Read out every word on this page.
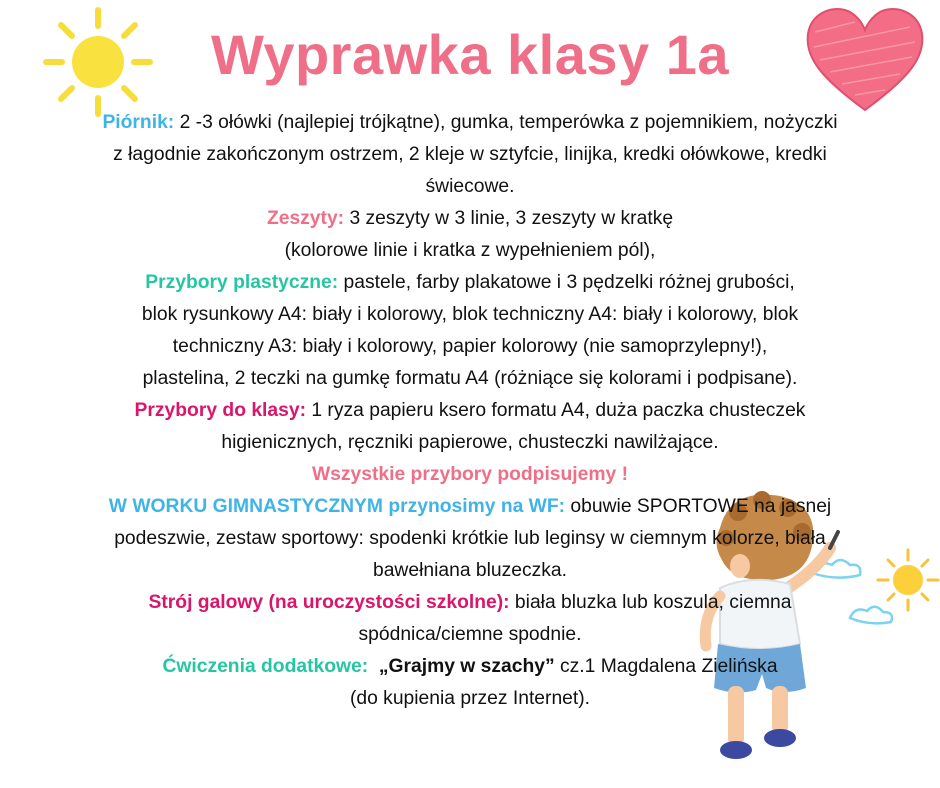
Wyprawka klasy 1a

Piórnik: 2 -3 ołówki (najlepiej trójkątne), gumka, temperówka z pojemnikiem, nożyczki

z łagodnie zakończonym ostrzem, 2 kleje w sztyfcie, linijka, kredki ołówkowe, kredki

świecowe.

Zeszyty: 3 zeszyty w 3 linie, 3 zeszyty w kratkę

(kolorowe linie i kratka z wypełnieniem pól),

Przybory plastyczne: pastele, farby plakatowe i 3 pędzelki różnej grubości,

blok rysunkowy A4: biały i kolorowy, blok techniczny A4: biały i kolorowy, blok

techniczny A3: biały i kolorowy, papier kolorowy (nie samoprzylepny!),

plastelina, 2 teczki na gumkę formatu A4 (różniące się kolorami i podpisane).

Przybory do klasy: 1 ryza papieru ksero formatu A4, duża paczka chusteczek

higienicznych, ręczniki papierowe, chusteczki nawilżające.

Wszystkie przybory podpisujemy !

W WORKU GIMNASTYCZNYM przynosimy na WF: obuwie SPORTOWE na jasnej

podeszwie, zestaw sportowy: spodenki krótkie lub leginsy w ciemnym kolorze, biała

bawełniana bluzeczka.

Strój galowy (na uroczystości szkolne): biała bluzka lub koszula, ciemna

spódnica/ciemne spodnie.

Ćwiczenia dodatkowe: „Grajmy w szachy” cz.1 Magdalena Zielińska

(do kupienia przez Internet).
